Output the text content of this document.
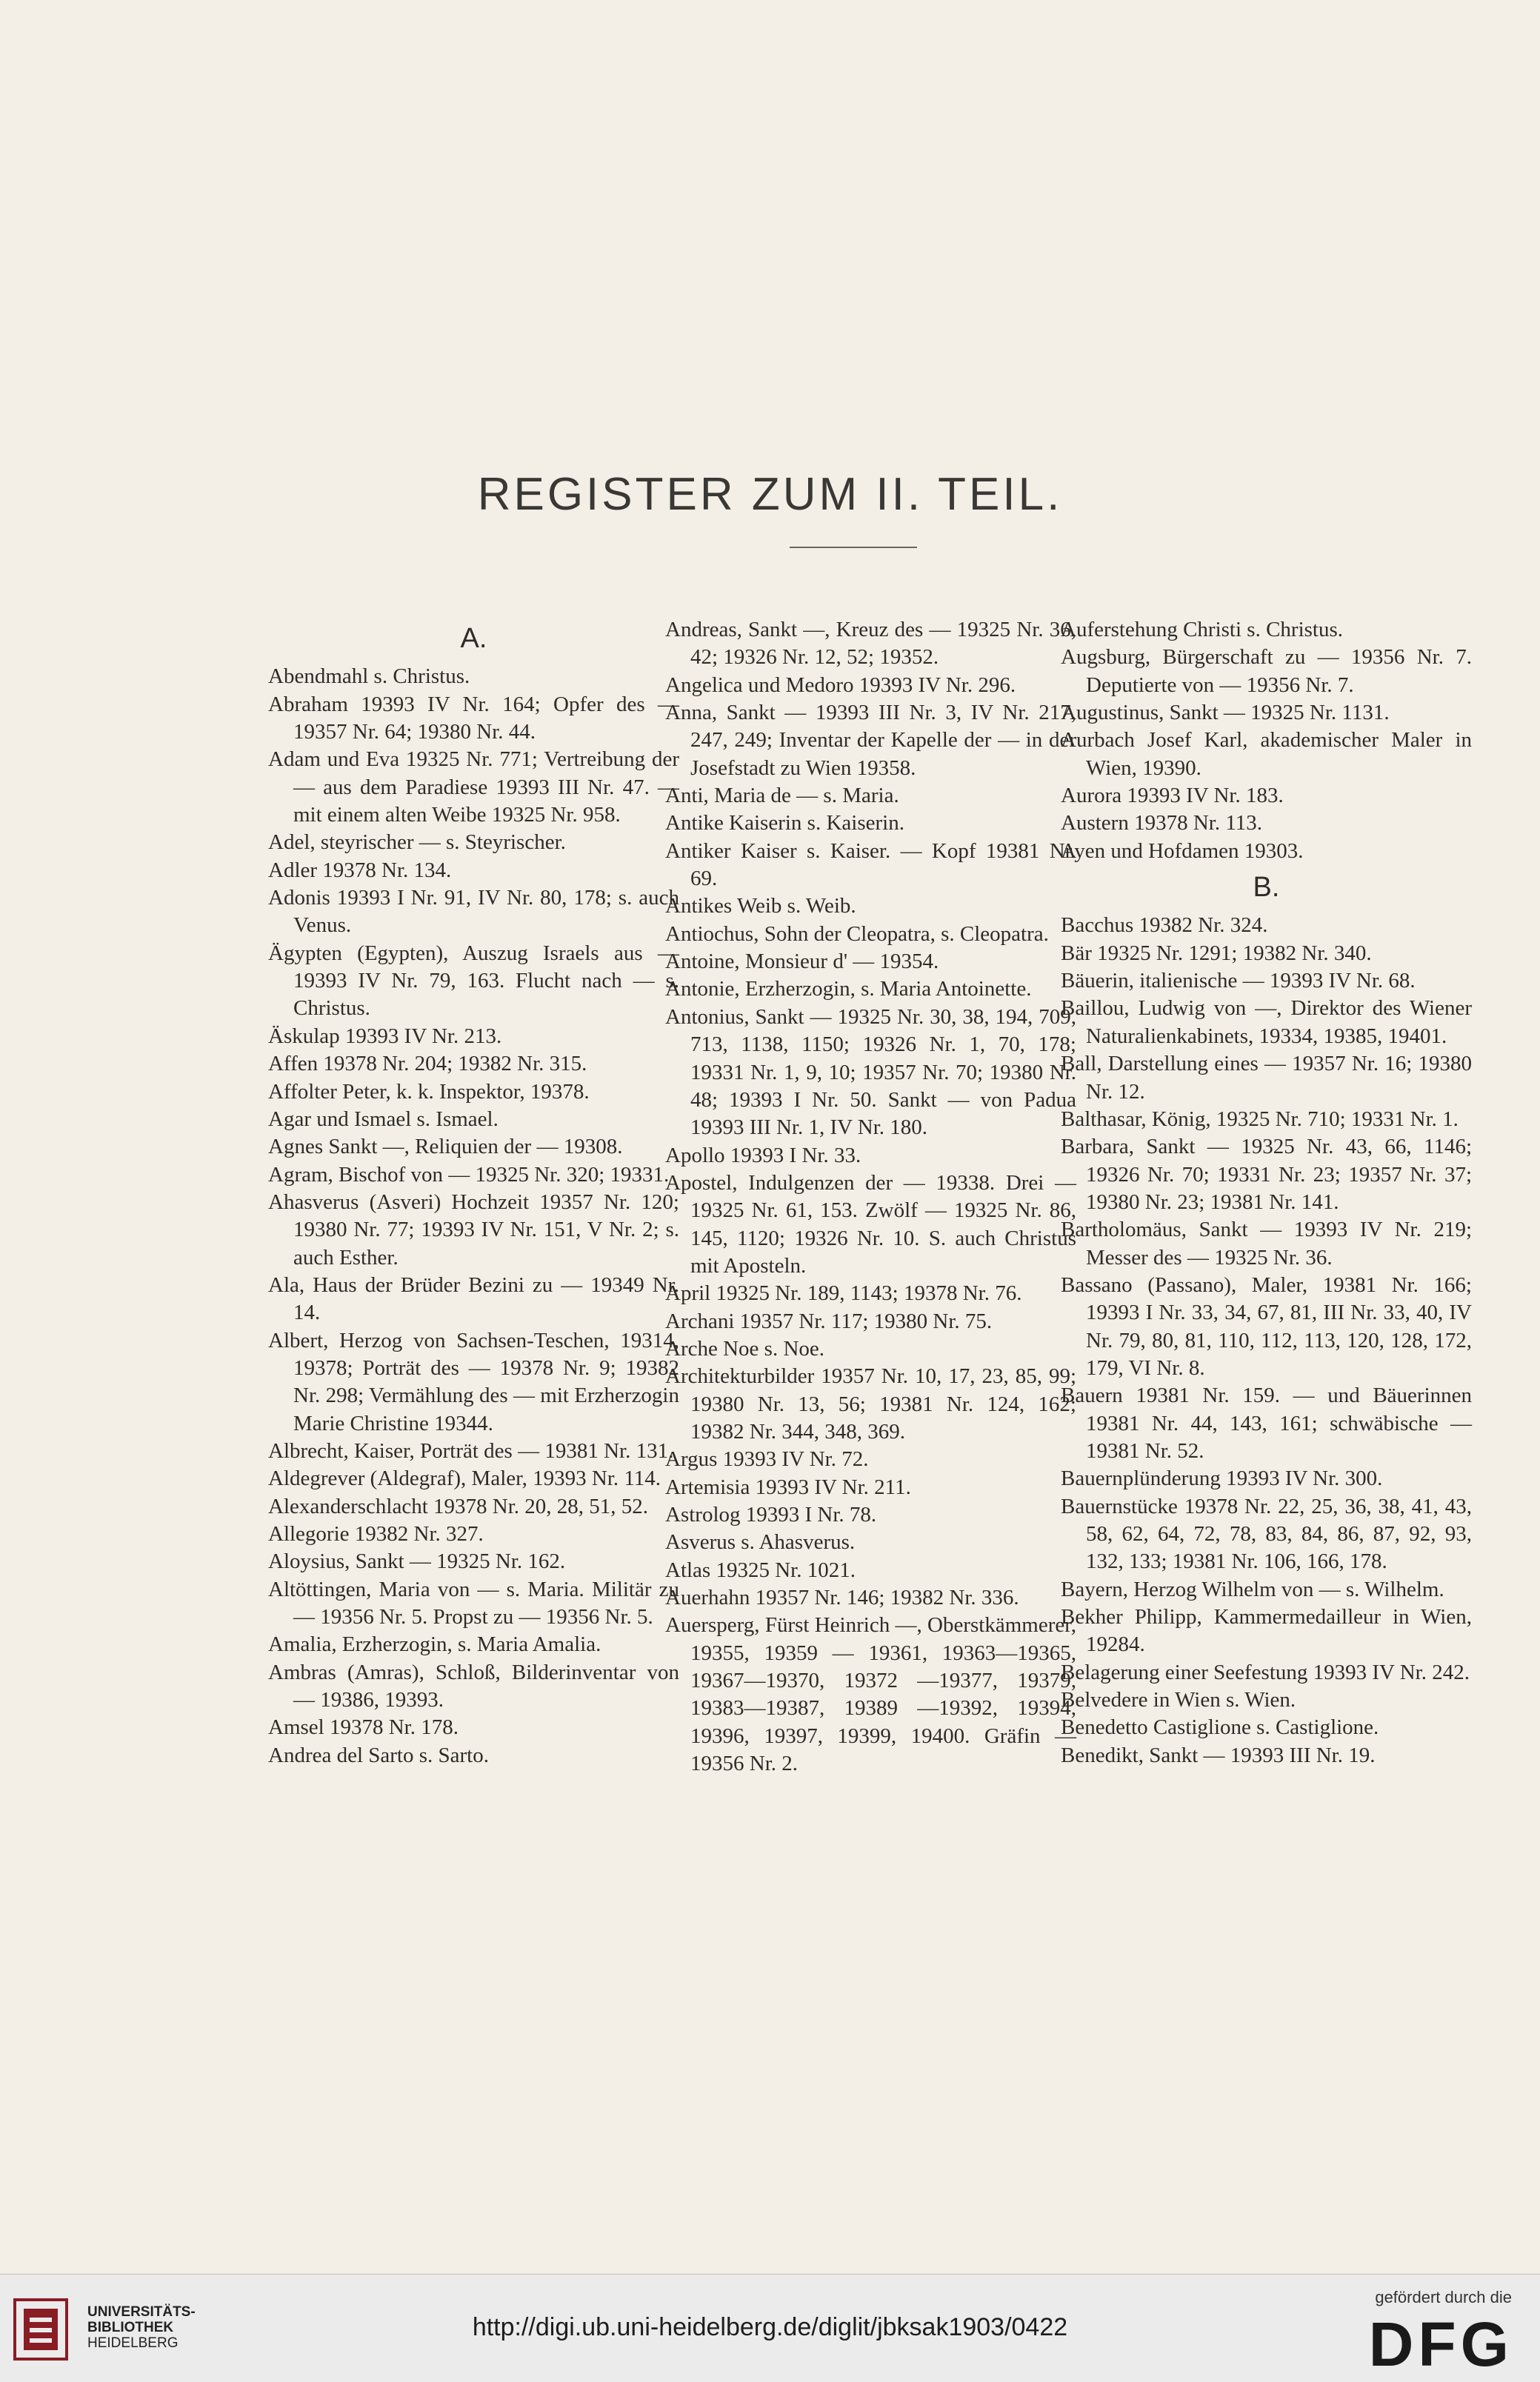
REGISTER ZUM II. TEIL.
A.

Abendmahl s. Christus.

Abraham 19393 IV Nr. 164; Opfer des — 19357 Nr. 64; 19380 Nr. 44.

Adam und Eva 19325 Nr. 771; Vertreibung der — aus dem Paradiese 19393 III Nr. 47. — mit einem alten Weibe 19325 Nr. 958.

Adel, steyrischer — s. Steyrischer.

Adler 19378 Nr. 134.

Adonis 19393 I Nr. 91, IV Nr. 80, 178; s. auch Venus.

Ägypten (Egypten), Auszug Israels aus — 19393 IV Nr. 79, 163. Flucht nach — s. Christus.

Äskulap 19393 IV Nr. 213.

Affen 19378 Nr. 204; 19382 Nr. 315.

Affolter Peter, k. k. Inspektor, 19378.

Agar und Ismael s. Ismael.

Agnes Sankt —, Reliquien der — 19308.

Agram, Bischof von — 19325 Nr. 320; 19331.

Ahasverus (Asveri) Hochzeit 19357 Nr. 120; 19380 Nr. 77; 19393 IV Nr. 151, V Nr. 2; s. auch Esther.

Ala, Haus der Brüder Bezini zu — 19349 Nr. 14.

Albert, Herzog von Sachsen-Teschen, 19314, 19378; Porträt des — 19378 Nr. 9; 19382 Nr. 298; Vermählung des — mit Erzherzogin Marie Christine 19344.

Albrecht, Kaiser, Porträt des — 19381 Nr. 131.

Aldegrever (Aldegraf), Maler, 19393 Nr. 114.

Alexanderschlacht 19378 Nr. 20, 28, 51, 52.

Allegorie 19382 Nr. 327.

Aloysius, Sankt — 19325 Nr. 162.

Altöttingen, Maria von — s. Maria. Militär zu — 19356 Nr. 5. Propst zu — 19356 Nr. 5.

Amalia, Erzherzogin, s. Maria Amalia.

Ambras (Amras), Schloß, Bilderinventar von — 19386, 19393.

Amsel 19378 Nr. 178.

Andrea del Sarto s. Sarto.

Andreas, Sankt —, Kreuz des — 19325 Nr. 36, 42; 19326 Nr. 12, 52; 19352.

Angelica und Medoro 19393 IV Nr. 296.

Anna, Sankt — 19393 III Nr. 3, IV Nr. 217, 247, 249; Inventar der Kapelle der — in der Josefstadt zu Wien 19358.

Anti, Maria de — s. Maria.

Antike Kaiserin s. Kaiserin.

Antiker Kaiser s. Kaiser. — Kopf 19381 Nr. 69.

Antikes Weib s. Weib.

Antiochus, Sohn der Cleopatra, s. Cleopatra.

Antoine, Monsieur d' — 19354.

Antonie, Erzherzogin, s. Maria Antoinette.

Antonius, Sankt — 19325 Nr. 30, 38, 194, 709, 713, 1138, 1150; 19326 Nr. 1, 70, 178; 19331 Nr. 1, 9, 10; 19357 Nr. 70; 19380 Nr. 48; 19393 I Nr. 50. Sankt — von Padua 19393 III Nr. 1, IV Nr. 180.

Apollo 19393 I Nr. 33.

Apostel, Indulgenzen der — 19338. Drei — 19325 Nr. 61, 153. Zwölf — 19325 Nr. 86, 145, 1120; 19326 Nr. 10. S. auch Christus mit Aposteln.

April 19325 Nr. 189, 1143; 19378 Nr. 76.

Archani 19357 Nr. 117; 19380 Nr. 75.

Arche Noe s. Noe.

Architekturbilder 19357 Nr. 10, 17, 23, 85, 99; 19380 Nr. 13, 56; 19381 Nr. 124, 162; 19382 Nr. 344, 348, 369.

Argus 19393 IV Nr. 72.

Artemisia 19393 IV Nr. 211.

Astrolog 19393 I Nr. 78.

Asverus s. Ahasverus.

Atlas 19325 Nr. 1021.

Auerhahn 19357 Nr. 146; 19382 Nr. 336.

Auersperg, Fürst Heinrich —, Oberstkämmerer, 19355, 19359 — 19361, 19363—19365, 19367—19370, 19372 —19377, 19379, 19383—19387, 19389 —19392, 19394, 19396, 19397, 19399, 19400. Gräfin — 19356 Nr. 2.

Auferstehung Christi s. Christus.

Augsburg, Bürgerschaft zu — 19356 Nr. 7. Deputierte von — 19356 Nr. 7.

Augustinus, Sankt — 19325 Nr. 1131.

Aurbach Josef Karl, akademischer Maler in Wien, 19390.

Aurora 19393 IV Nr. 183.

Austern 19378 Nr. 113.

Ayen und Hofdamen 19303.

B.

Bacchus 19382 Nr. 324.

Bär 19325 Nr. 1291; 19382 Nr. 340.

Bäuerin, italienische — 19393 IV Nr. 68.

Baillou, Ludwig von —, Direktor des Wiener Naturalienkabinets, 19334, 19385, 19401.

Ball, Darstellung eines — 19357 Nr. 16; 19380 Nr. 12.

Balthasar, König, 19325 Nr. 710; 19331 Nr. 1.

Barbara, Sankt — 19325 Nr. 43, 66, 1146; 19326 Nr. 70; 19331 Nr. 23; 19357 Nr. 37; 19380 Nr. 23; 19381 Nr. 141.

Bartholomäus, Sankt — 19393 IV Nr. 219; Messer des — 19325 Nr. 36.

Bassano (Passano), Maler, 19381 Nr. 166; 19393 I Nr. 33, 34, 67, 81, III Nr. 33, 40, IV Nr. 79, 80, 81, 110, 112, 113, 120, 128, 172, 179, VI Nr. 8.

Bauern 19381 Nr. 159. — und Bäuerinnen 19381 Nr. 44, 143, 161; schwäbische — 19381 Nr. 52.

Bauernplünderung 19393 IV Nr. 300.

Bauernstücke 19378 Nr. 22, 25, 36, 38, 41, 43, 58, 62, 64, 72, 78, 83, 84, 86, 87, 92, 93, 132, 133; 19381 Nr. 106, 166, 178.

Bayern, Herzog Wilhelm von — s. Wilhelm.

Bekher Philipp, Kammermedailleur in Wien, 19284.

Belagerung einer Seefestung 19393 IV Nr. 242.

Belvedere in Wien s. Wien.

Benedetto Castiglione s. Castiglione.

Benedikt, Sankt — 19393 III Nr. 19.

UNIVERSITÄTS-
BIBLIOTHEK
HEIDELBERG
http://digi.ub.uni-heidelberg.de/diglit/jbksak1903/0422
gefördert durch die
DFG
